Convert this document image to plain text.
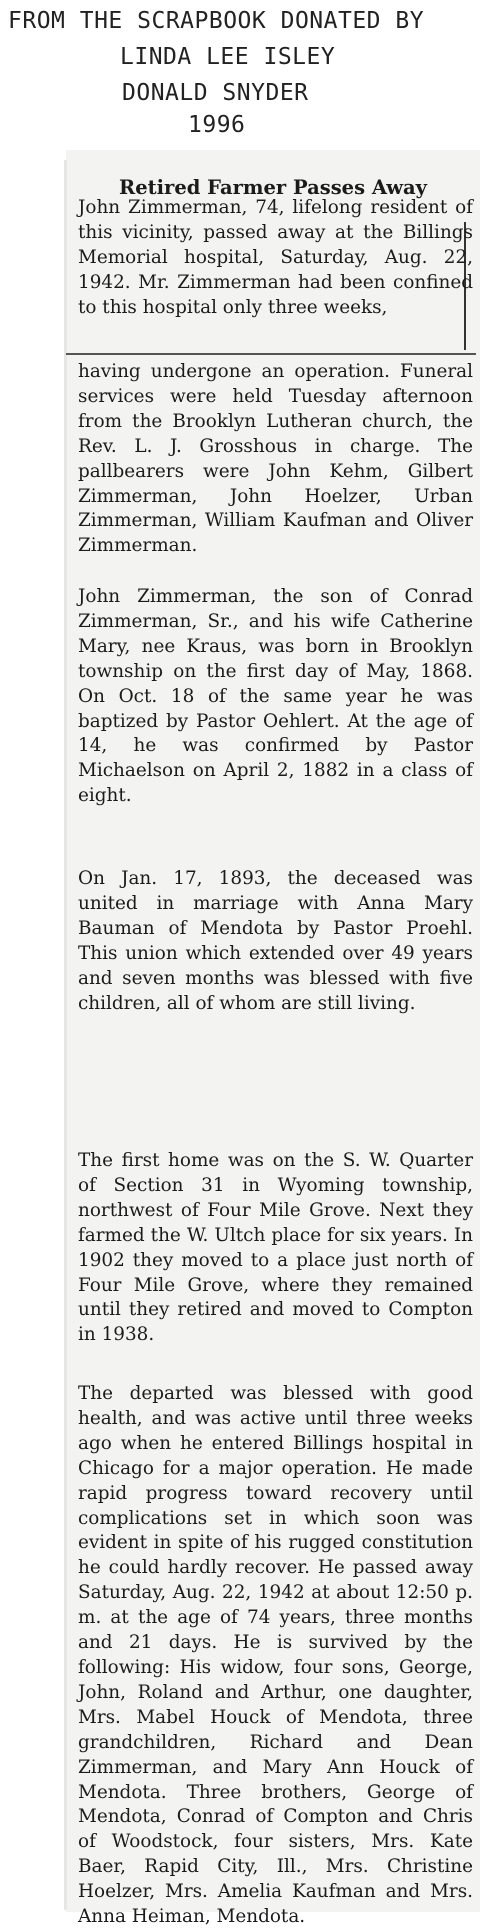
FROM THE SCRAPBOOK DONATED BY
LINDA LEE ISLEY
DONALD SNYDER
1996
Retired Farmer Passes Away

John Zimmerman, 74, lifelong resident of this vicinity, passed away at the Billings Memorial hospital, Saturday, Aug. 22, 1942. Mr. Zimmerman had been confined to this hospital only three weeks,

having undergone an operation. Funeral services were held Tuesday afternoon from the Brooklyn Lutheran church, the Rev. L. J. Grosshous in charge. The pallbearers were John Kehm, Gilbert Zimmerman, John Hoelzer, Urban Zimmerman, William Kaufman and Oliver Zimmerman.

John Zimmerman, the son of Conrad Zimmerman, Sr., and his wife Catherine Mary, nee Kraus, was born in Brooklyn township on the first day of May, 1868. On Oct. 18 of the same year he was baptized by Pastor Oehlert. At the age of 14, he was confirmed by Pastor Michaelson on April 2, 1882 in a class of eight.

On Jan. 17, 1893, the deceased was united in marriage with Anna Mary Bauman of Mendota by Pastor Proehl. This union which extended over 49 years and seven months was blessed with five children, all of whom are still living.

The first home was on the S. W. Quarter of Section 31 in Wyoming township, northwest of Four Mile Grove. Next they farmed the W. Ultch place for six years. In 1902 they moved to a place just north of Four Mile Grove, where they remained until they retired and moved to Compton in 1938.

The departed was blessed with good health, and was active until three weeks ago when he entered Billings hospital in Chicago for a major operation. He made rapid progress toward recovery until complications set in which soon was evident in spite of his rugged constitution he could hardly recover. He passed away Saturday, Aug. 22, 1942 at about 12:50 p. m. at the age of 74 years, three months and 21 days. He is survived by the following: His widow, four sons, George, John, Roland and Arthur, one daughter, Mrs. Mabel Houck of Mendota, three grandchildren, Richard and Dean Zimmerman, and Mary Ann Houck of Mendota. Three brothers, George of Mendota, Conrad of Compton and Chris of Woodstock, four sisters, Mrs. Kate Baer, Rapid City, Ill., Mrs. Christine Hoelzer, Mrs. Amelia Kaufman and Mrs. Anna Heiman, Mendota.
